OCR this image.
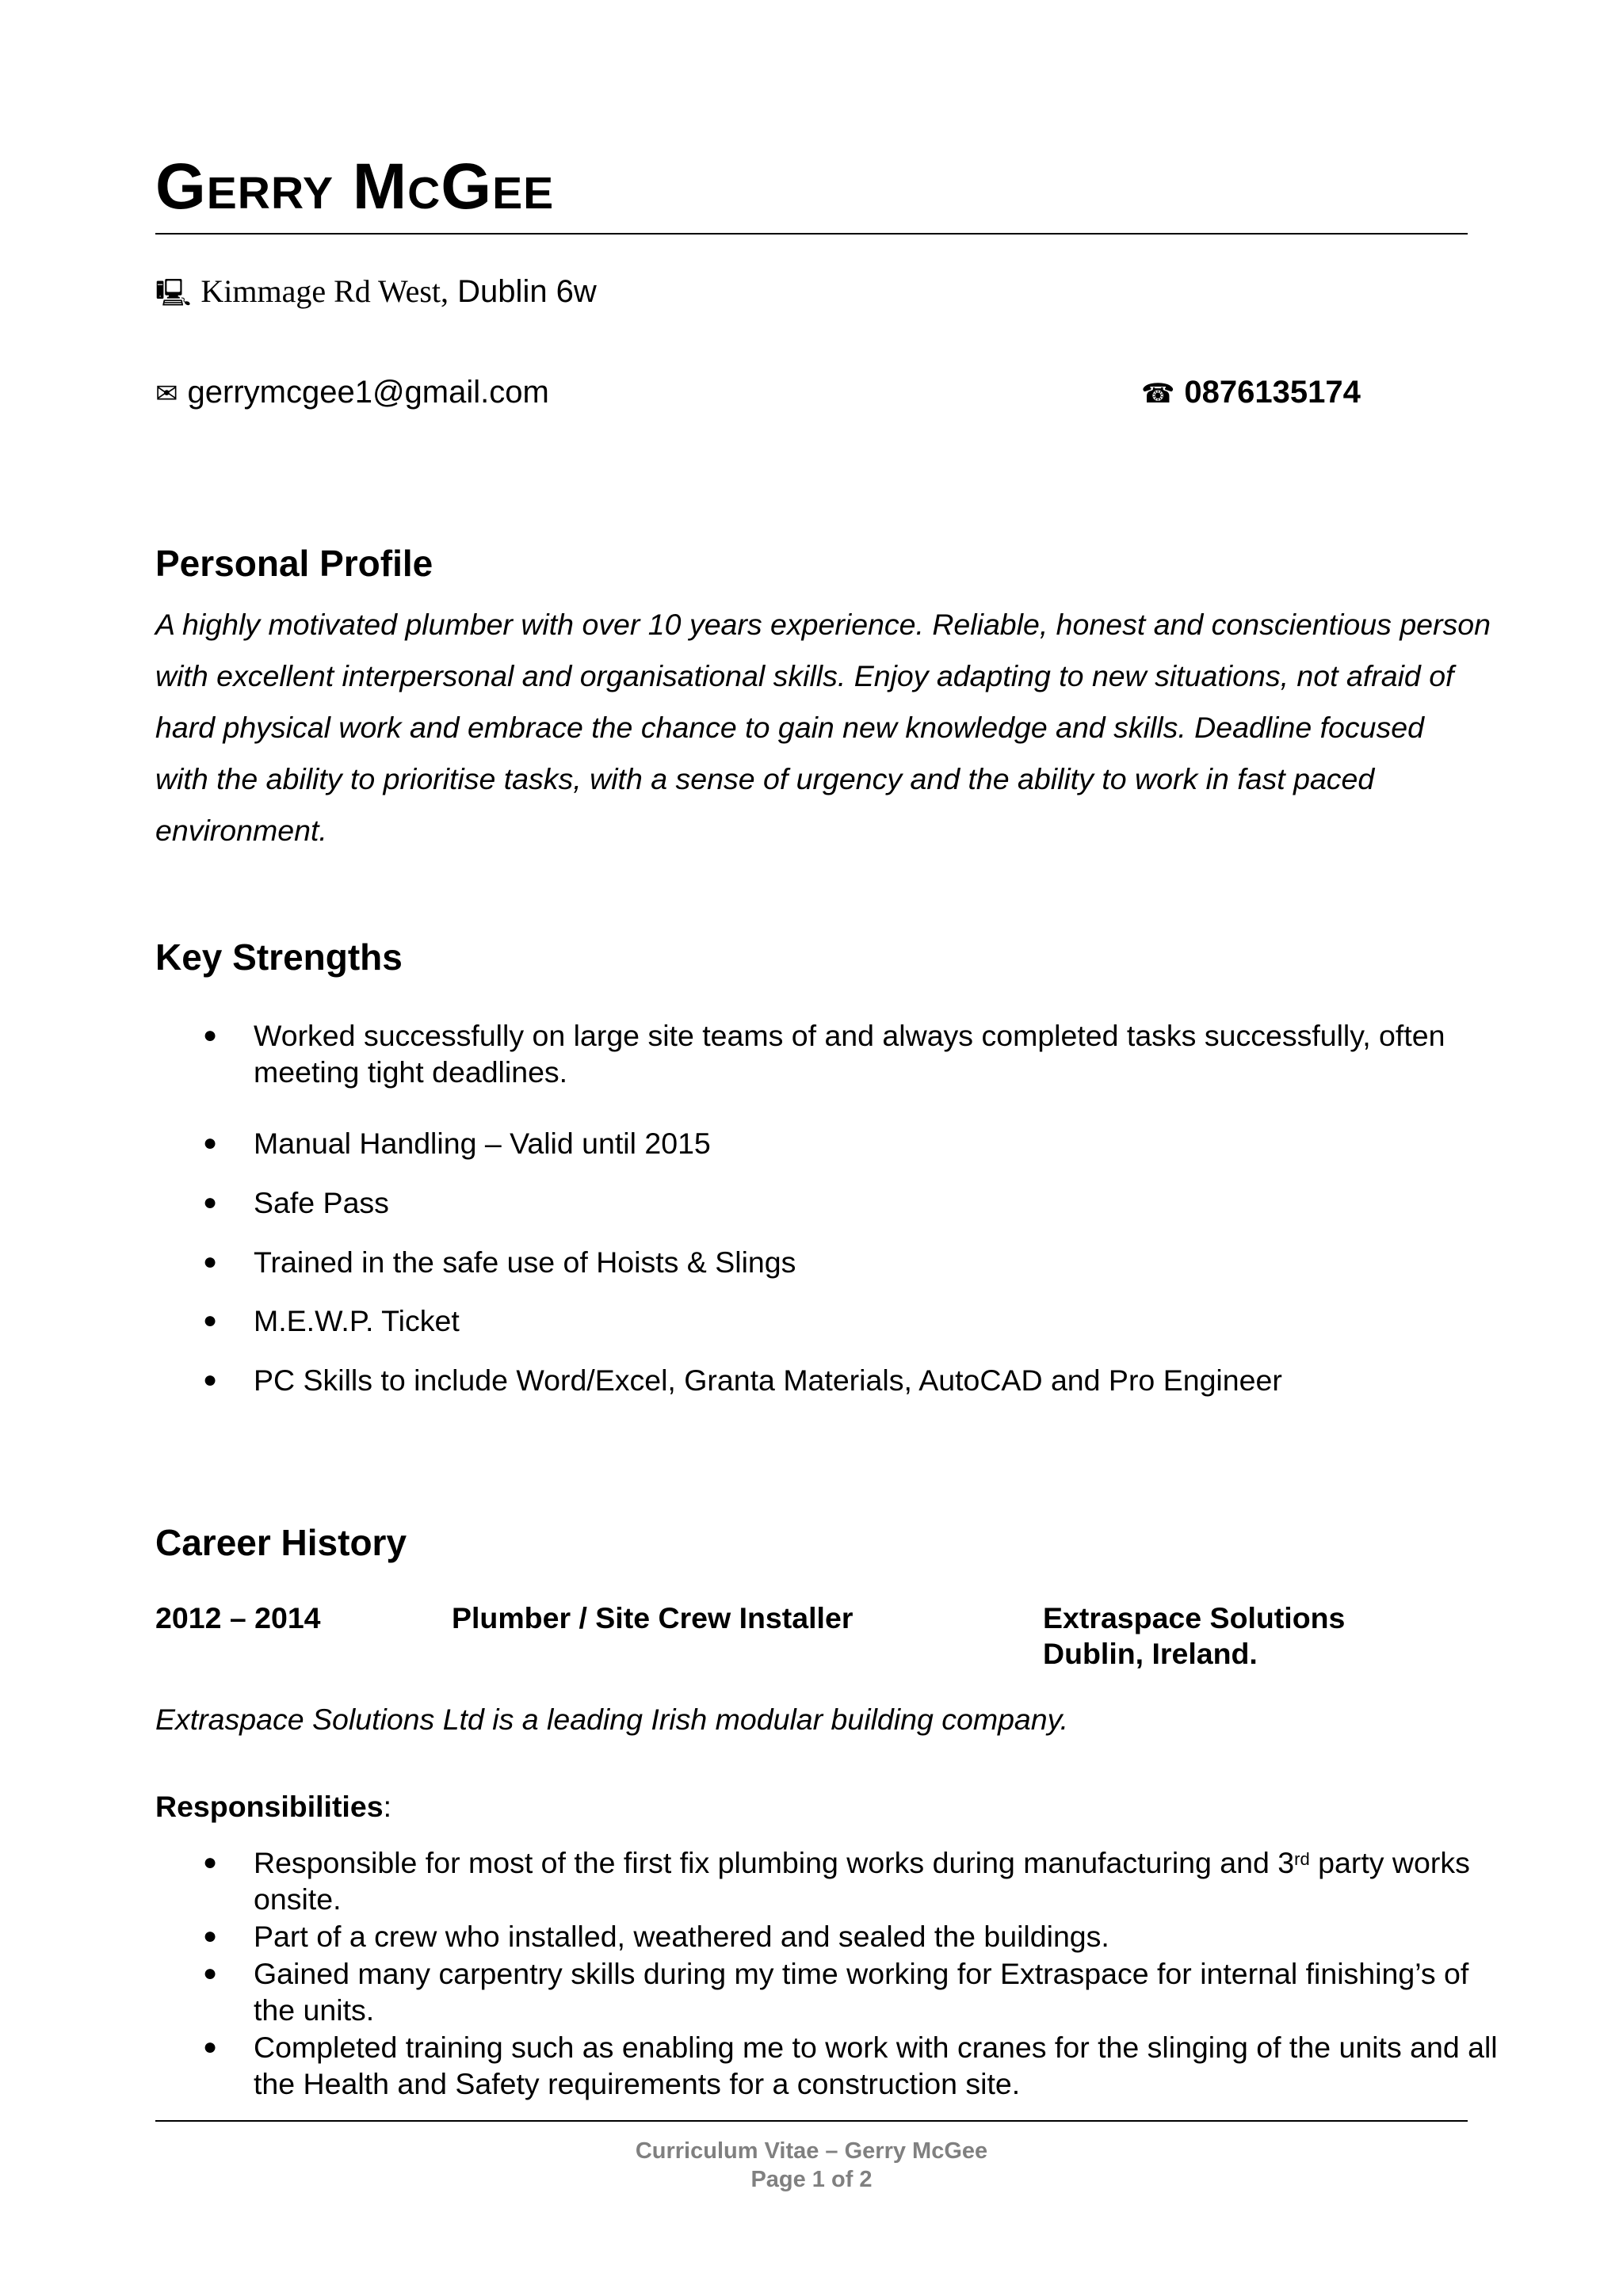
Gerry McGee
🖳 Kimmage Rd West, Dublin 6w
✉ gerrymcgee1@gmail.com	☎ 0876135174
Personal Profile

A highly motivated plumber with over 10 years experience. Reliable, honest and conscientious person

with excellent interpersonal and organisational skills. Enjoy adapting to new situations, not afraid of

hard physical work and embrace the chance to gain new knowledge and skills. Deadline focused

with the ability to prioritise tasks, with a sense of urgency and the ability to work in fast paced

environment.

Key Strengths
● Worked successfully on large site teams of and always completed tasks successfully, often
meeting tight deadlines.
● Manual Handling – Valid until 2015
● Safe Pass
● Trained in the safe use of Hoists & Slings
● M.E.W.P. Ticket
● PC Skills to include Word/Excel, Granta Materials, AutoCAD and Pro Engineer
Career History
2012 – 2014	Plumber / Site Crew Installer	Extraspace Solutions
Dublin, Ireland.
Extraspace Solutions Ltd is a leading Irish modular building company.
Responsibilities:
● Responsible for most of the first fix plumbing works during manufacturing and 3rd party works
onsite.
● Part of a crew who installed, weathered and sealed the buildings.
● Gained many carpentry skills during my time working for Extraspace for internal finishing’s of
the units.
● Completed training such as enabling me to work with cranes for the slinging of the units and all
the Health and Safety requirements for a construction site.
Curriculum Vitae – Gerry McGee
Page 1 of 2
